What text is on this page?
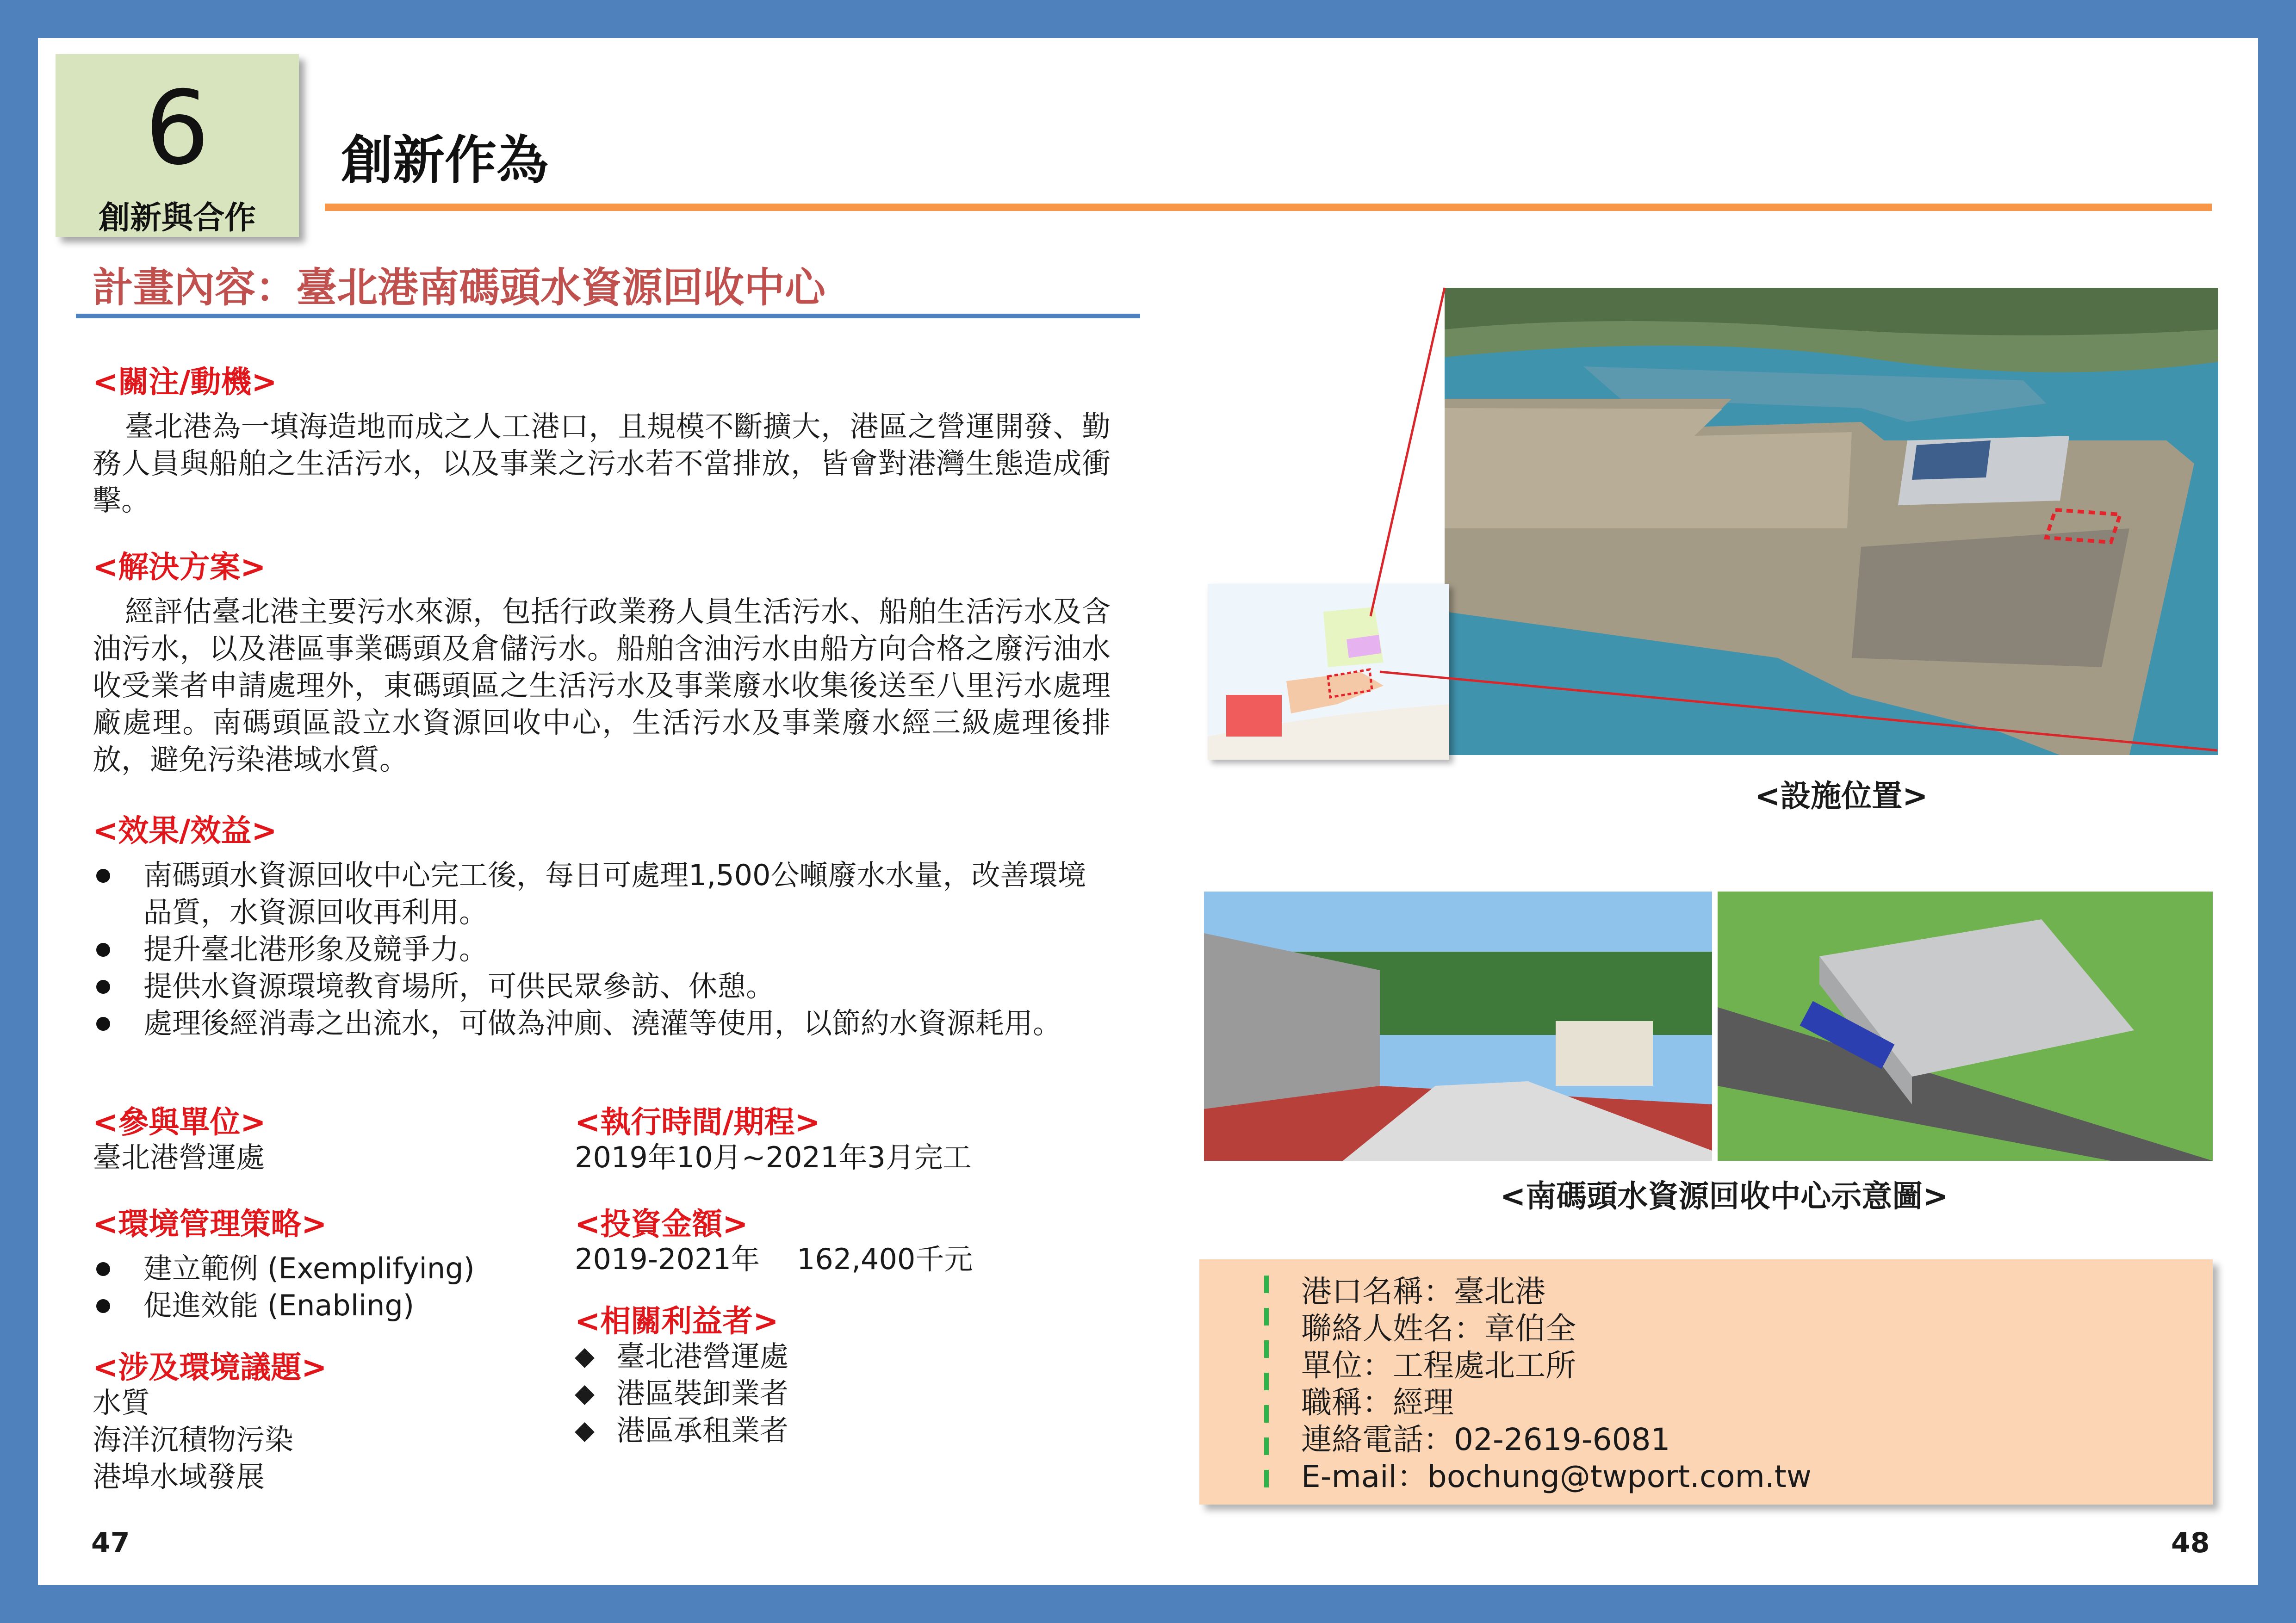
6
創新與合作
創新作為
計畫內容：臺北港南碼頭水資源回收中心
<關注/動機>
臺北港為一填海造地而成之人工港口，且規模不斷擴大，港區之營運開發、勤務人員與船舶之生活污水，以及事業之污水若不當排放，皆會對港灣生態造成衝擊。
<解決方案>
經評估臺北港主要污水來源，包括行政業務人員生活污水、船舶生活污水及含油污水，以及港區事業碼頭及倉儲污水。船舶含油污水由船方向合格之廢污油水收受業者申請處理外，東碼頭區之生活污水及事業廢水收集後送至八里污水處理廠處理。南碼頭區設立水資源回收中心，生活污水及事業廢水經三級處理後排放，避免污染港域水質。
<效果/效益>
南碼頭水資源回收中心完工後，每日可處理1,500公噸廢水水量，改善環境品質，水資源回收再利用。
提升臺北港形象及競爭力。
提供水資源環境教育場所，可供民眾參訪、休憩。
處理後經消毒之出流水，可做為沖廁、澆灌等使用，以節約水資源耗用。
<參與單位>
臺北港營運處
<執行時間/期程>
2019年10月~2021年3月完工
<環境管理策略>
建立範例 (Exemplifying)
促進效能 (Enabling)
<投資金額>
2019-2021年 162,400千元
<相關利益者>
◆ 臺北港營運處
◆ 港區裝卸業者
◆ 港區承租業者
<涉及環境議題>
水質
海洋沉積物污染
港埠水域發展
<設施位置>
<南碼頭水資源回收中心示意圖>
港口名稱：臺北港
聯絡人姓名：章伯全
單位：工程處北工所
職稱：經理
連絡電話：02-2619-6081
E-mail：bochung@twport.com.tw
47	48
